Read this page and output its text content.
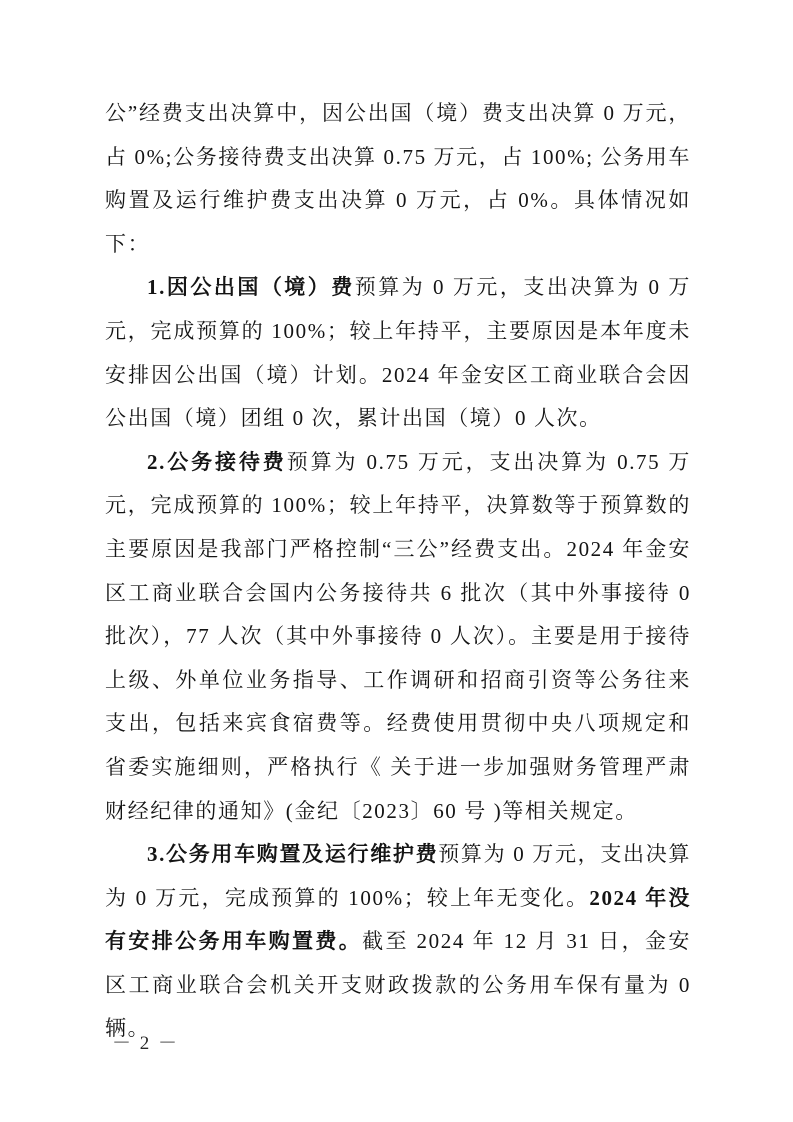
公”经费支出决算中，因公出国（境）费支出决算 0 万元，占 0%;公务接待费支出决算 0.75 万元，占 100%; 公务用车购置及运行维护费支出决算 0 万元，占 0%。具体情况如下：

1.因公出国（境）费预算为 0 万元，支出决算为 0 万元，完成预算的 100%；较上年持平，主要原因是本年度未安排因公出国（境）计划。2024 年金安区工商业联合会因公出国（境）团组 0 次，累计出国（境）0 人次。

2.公务接待费预算为 0.75 万元，支出决算为 0.75 万元，完成预算的 100%；较上年持平，决算数等于预算数的主要原因是我部门严格控制“三公”经费支出。2024 年金安区工商业联合会国内公务接待共 6 批次（其中外事接待 0 批次），77 人次（其中外事接待 0 人次）。主要是用于接待上级、外单位业务指导、工作调研和招商引资等公务往来支出，包括来宾食宿费等。经费使用贯彻中央八项规定和省委实施细则，严格执行《 关于进一步加强财务管理严肃财经纪律的通知》(金纪〔2023〕60 号 )等相关规定。

3.公务用车购置及运行维护费预算为 0 万元，支出决算为 0 万元，完成预算的 100%；较上年无变化。2024 年没有安排公务用车购置费。截至 2024 年 12 月 31 日，金安区工商业联合会机关开支财政拨款的公务用车保有量为 0 辆。

－ 2 －
